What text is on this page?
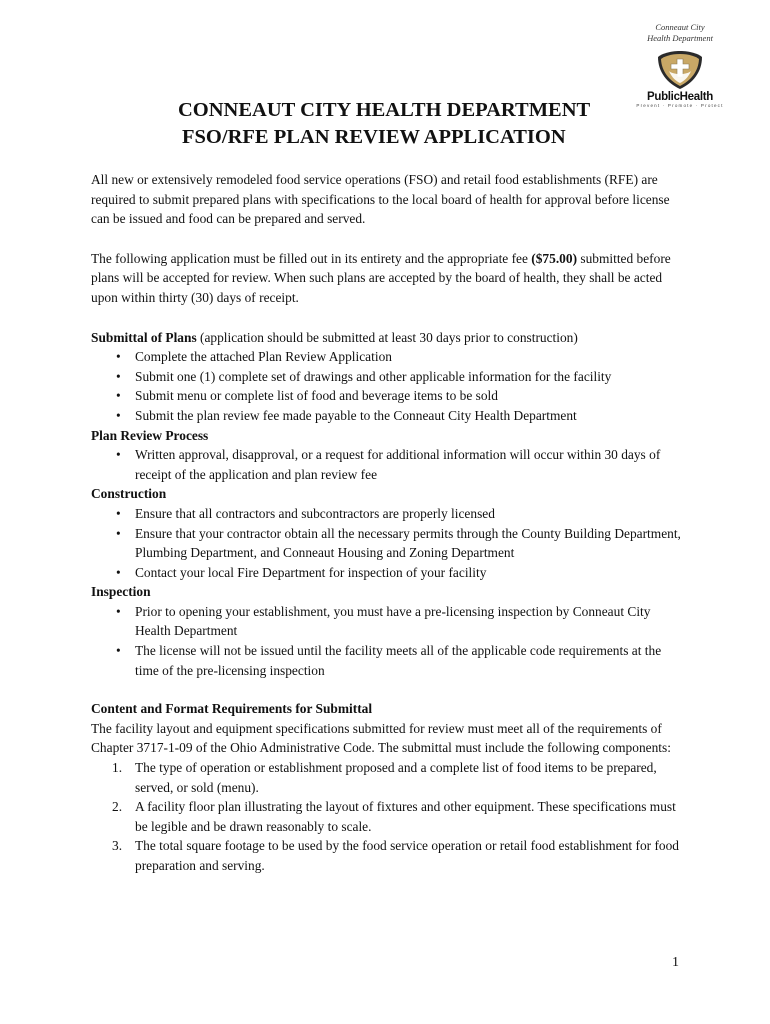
Conneaut City
Health Department
PublicHealth
Prevent · Promote · Protect
CONNEAUT CITY HEALTH DEPARTMENT
FSO/RFE PLAN REVIEW APPLICATION

All new or extensively remodeled food service operations (FSO) and retail food establishments (RFE) are required to submit prepared plans with specifications to the local board of health for approval before license can be issued and food can be prepared and served.

The following application must be filled out in its entirety and the appropriate fee ($75.00) submitted before plans will be accepted for review. When such plans are accepted by the board of health, they shall be acted upon within thirty (30) days of receipt.

Submittal of Plans (application should be submitted at least 30 days prior to construction)
• Complete the attached Plan Review Application
• Submit one (1) complete set of drawings and other applicable information for the facility
• Submit menu or complete list of food and beverage items to be sold
• Submit the plan review fee made payable to the Conneaut City Health Department
Plan Review Process
• Written approval, disapproval, or a request for additional information will occur within 30 days of receipt of the application and plan review fee
Construction
• Ensure that all contractors and subcontractors are properly licensed
• Ensure that your contractor obtain all the necessary permits through the County Building Department, Plumbing Department, and Conneaut Housing and Zoning Department
• Contact your local Fire Department for inspection of your facility
Inspection
• Prior to opening your establishment, you must have a pre-licensing inspection by Conneaut City Health Department
• The license will not be issued until the facility meets all of the applicable code requirements at the time of the pre-licensing inspection
Content and Format Requirements for Submittal

The facility layout and equipment specifications submitted for review must meet all of the requirements of Chapter 3717-1-09 of the Ohio Administrative Code. The submittal must include the following components:

1. The type of operation or establishment proposed and a complete list of food items to be prepared, served, or sold (menu).
2. A facility floor plan illustrating the layout of fixtures and other equipment. These specifications must be legible and be drawn reasonably to scale.
3. The total square footage to be used by the food service operation or retail food establishment for food preparation and serving.
1
